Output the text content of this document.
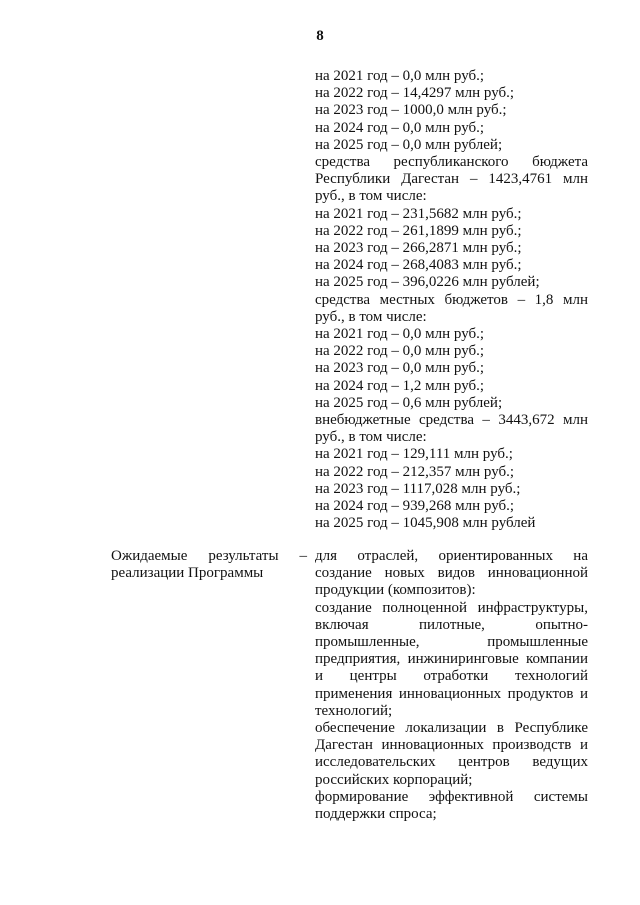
8
на 2021 год – 0,0 млн руб.;
на 2022 год – 14,4297 млн руб.;
на 2023 год – 1000,0 млн руб.;
на 2024 год – 0,0 млн руб.;
на 2025 год – 0,0 млн рублей;
средства республиканского бюджета
Республики Дагестан – 1423,4761 млн
руб., в том числе:
на 2021 год – 231,5682 млн руб.;
на 2022 год – 261,1899 млн руб.;
на 2023 год – 266,2871 млн руб.;
на 2024 год – 268,4083 млн руб.;
на 2025 год – 396,0226 млн рублей;
средства местных бюджетов – 1,8 млн
руб., в том числе:
на 2021 год – 0,0 млн руб.;
на 2022 год – 0,0 млн руб.;
на 2023 год – 0,0 млн руб.;
на 2024 год – 1,2 млн руб.;
на 2025 год – 0,6 млн рублей;
внебюджетные средства – 3443,672 млн
руб., в том числе:
на 2021 год – 129,111 млн руб.;
на 2022 год – 212,357 млн руб.;
на 2023 год – 1117,028 млн руб.;
на 2024 год – 939,268 млн руб.;
на 2025 год – 1045,908 млн рублей
Ожидаемые результаты – реализации Программы
для отраслей, ориентированных на создание новых видов инновационной продукции (композитов):
создание полноценной инфраструктуры, включая пилотные, опытно-промышленные, промышленные предприятия, инжиниринговые компании и центры отработки технологий применения инновационных продуктов и технологий;
обеспечение локализации в Республике Дагестан инновационных производств и исследовательских центров ведущих российских корпораций;
формирование эффективной системы поддержки спроса;
